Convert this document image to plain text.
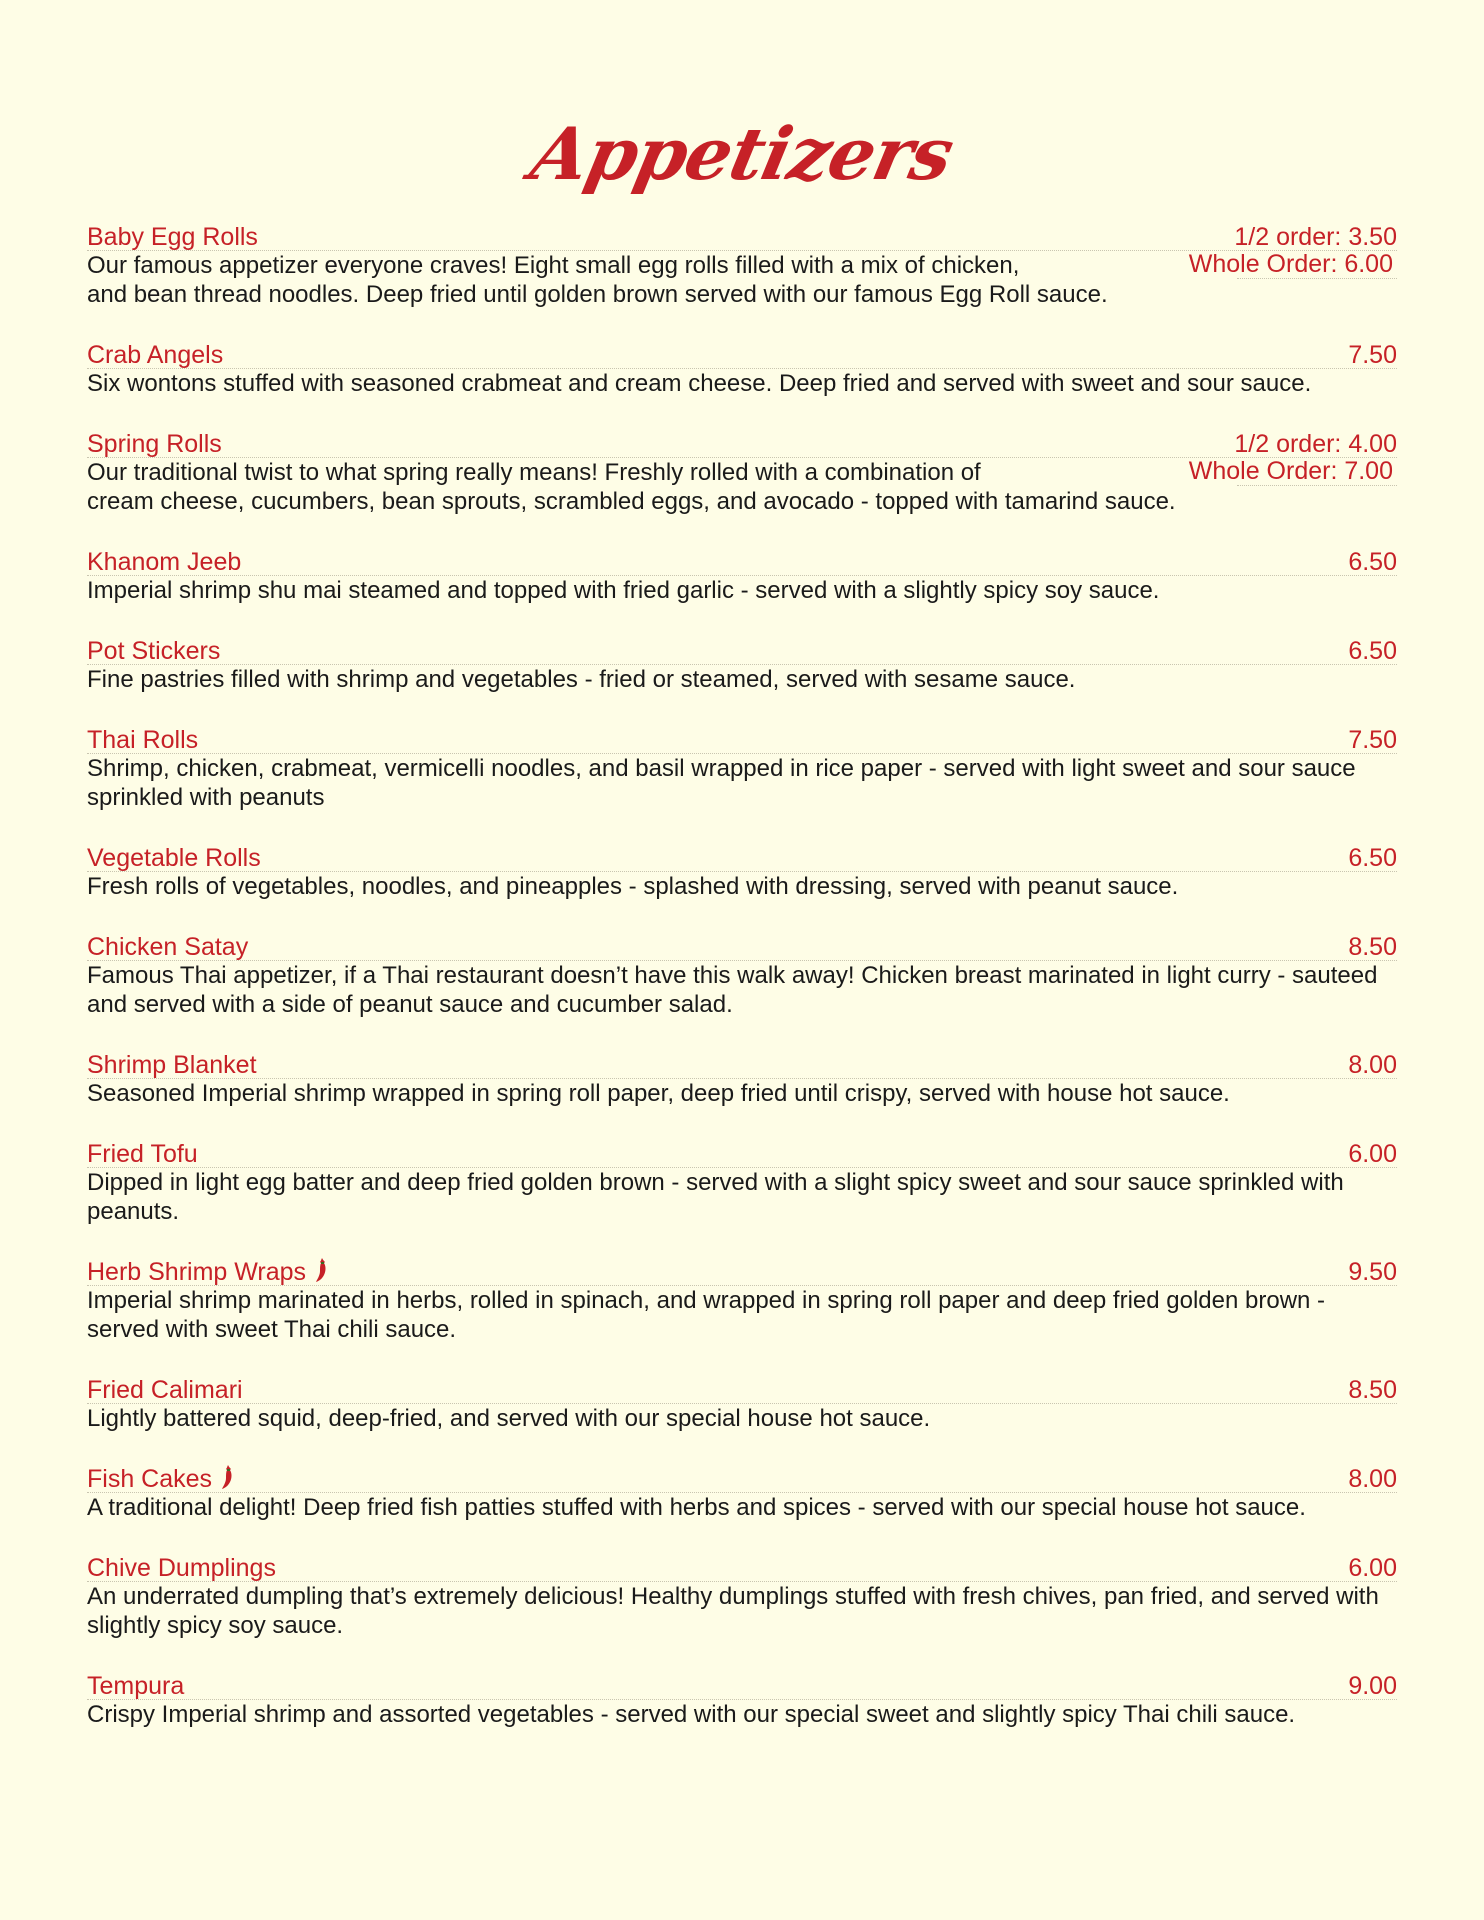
Appetizers
Baby Egg Rolls	1/2 order: 3.50
Whole Order: 6.00
Our famous appetizer everyone craves! Eight small egg rolls filled with a mix of chicken,
and bean thread noodles. Deep fried until golden brown served with our famous Egg Roll sauce.
Crab Angels	7.50
Six wontons stuffed with seasoned crabmeat and cream cheese. Deep fried and served with sweet and sour sauce.
Spring Rolls	1/2 order: 4.00
Whole Order: 7.00
Our traditional twist to what spring really means! Freshly rolled with a combination of
cream cheese, cucumbers, bean sprouts, scrambled eggs, and avocado - topped with tamarind sauce.
Khanom Jeeb	6.50
Imperial shrimp shu mai steamed and topped with fried garlic - served with a slightly spicy soy sauce.
Pot Stickers	6.50
Fine pastries filled with shrimp and vegetables - fried or steamed, served with sesame sauce.
Thai Rolls	7.50
Shrimp, chicken, crabmeat, vermicelli noodles, and basil wrapped in rice paper - served with light sweet and sour sauce sprinkled with peanuts
Vegetable Rolls	6.50
Fresh rolls of vegetables, noodles, and pineapples - splashed with dressing, served with peanut sauce.
Chicken Satay	8.50
Famous Thai appetizer, if a Thai restaurant doesn’t have this walk away! Chicken breast marinated in light curry - sauteed and served with a side of peanut sauce and cucumber salad.
Shrimp Blanket	8.00
Seasoned Imperial shrimp wrapped in spring roll paper, deep fried until crispy, served with house hot sauce.
Fried Tofu	6.00
Dipped in light egg batter and deep fried golden brown - served with a slight spicy sweet and sour sauce sprinkled with peanuts.
Herb Shrimp Wraps	9.50
Imperial shrimp marinated in herbs, rolled in spinach, and wrapped in spring roll paper and deep fried golden brown - served with sweet Thai chili sauce.
Fried Calimari	8.50
Lightly battered squid, deep-fried, and served with our special house hot sauce.
Fish Cakes	8.00
A traditional delight! Deep fried fish patties stuffed with herbs and spices - served with our special house hot sauce.
Chive Dumplings	6.00
An underrated dumpling that’s extremely delicious! Healthy dumplings stuffed with fresh chives, pan fried, and served with slightly spicy soy sauce.
Tempura	9.00
Crispy Imperial shrimp and assorted vegetables - served with our special sweet and slightly spicy Thai chili sauce.
